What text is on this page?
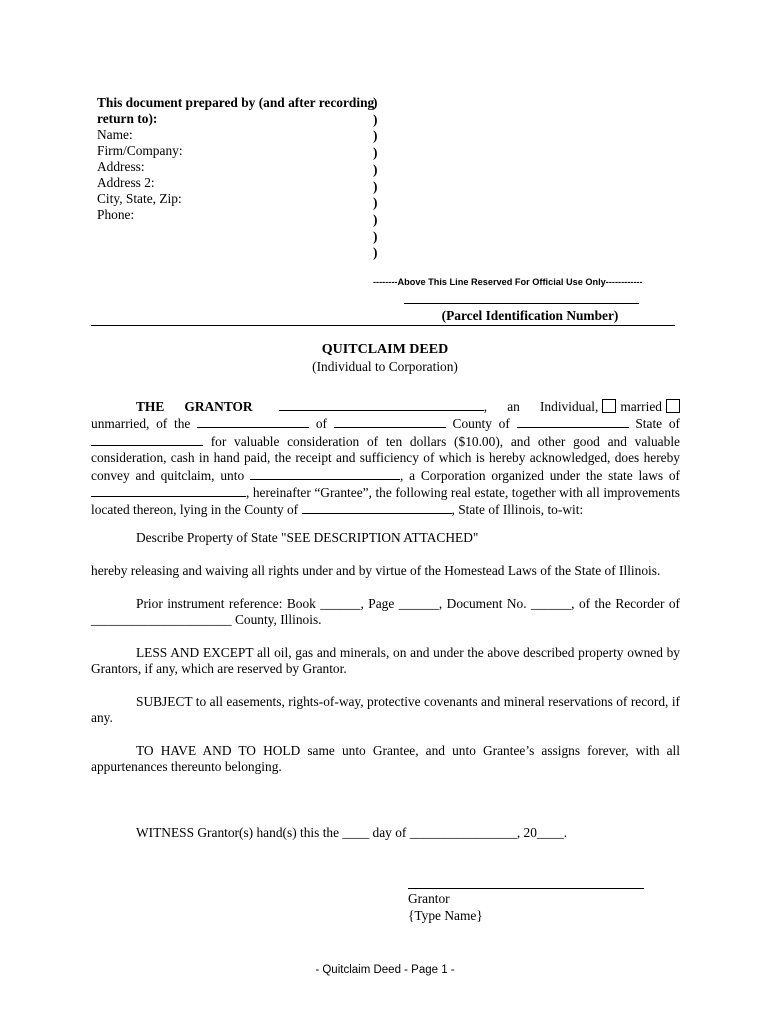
This document prepared by (and after recording
return to):
Name:
Firm/Company:
Address:
Address 2:
City, State, Zip:
Phone:
)
)
)
)
)
)
)
)
)
)
--------Above This Line Reserved For Official Use Only------------
(Parcel Identification Number)
QUITCLAIM DEED
(Individual to Corporation)
THE GRANTOR	, an Individual, married
unmarried, of the	of	County of	State of
for valuable consideration of ten dollars ($10.00), and other good and valuable consideration, cash in hand paid, the receipt and sufficiency of which is hereby acknowledged, does hereby convey and quitclaim, unto	, a Corporation organized under the state laws of , hereinafter “Grantee”, the following real estate, together with all improvements located thereon, lying in the County of	, State of Illinois, to-wit:
Describe Property of State "SEE DESCRIPTION ATTACHED"
hereby releasing and waiving all rights under and by virtue of the Homestead Laws of the State of Illinois.
Prior instrument reference: Book ______, Page ______, Document No. ______, of the Recorder of
_____________________ County, Illinois.
LESS AND EXCEPT all oil, gas and minerals, on and under the above described property owned by Grantors, if any, which are reserved by Grantor.
SUBJECT to all easements, rights-of-way, protective covenants and mineral reservations of record, if any.
TO HAVE AND TO HOLD same unto Grantee, and unto Grantee’s assigns forever, with all appurtenances thereunto belonging.
WITNESS Grantor(s) hand(s) this the ____ day of ________________, 20____.
Grantor
{Type Name}
- Quitclaim Deed - Page 1 -
